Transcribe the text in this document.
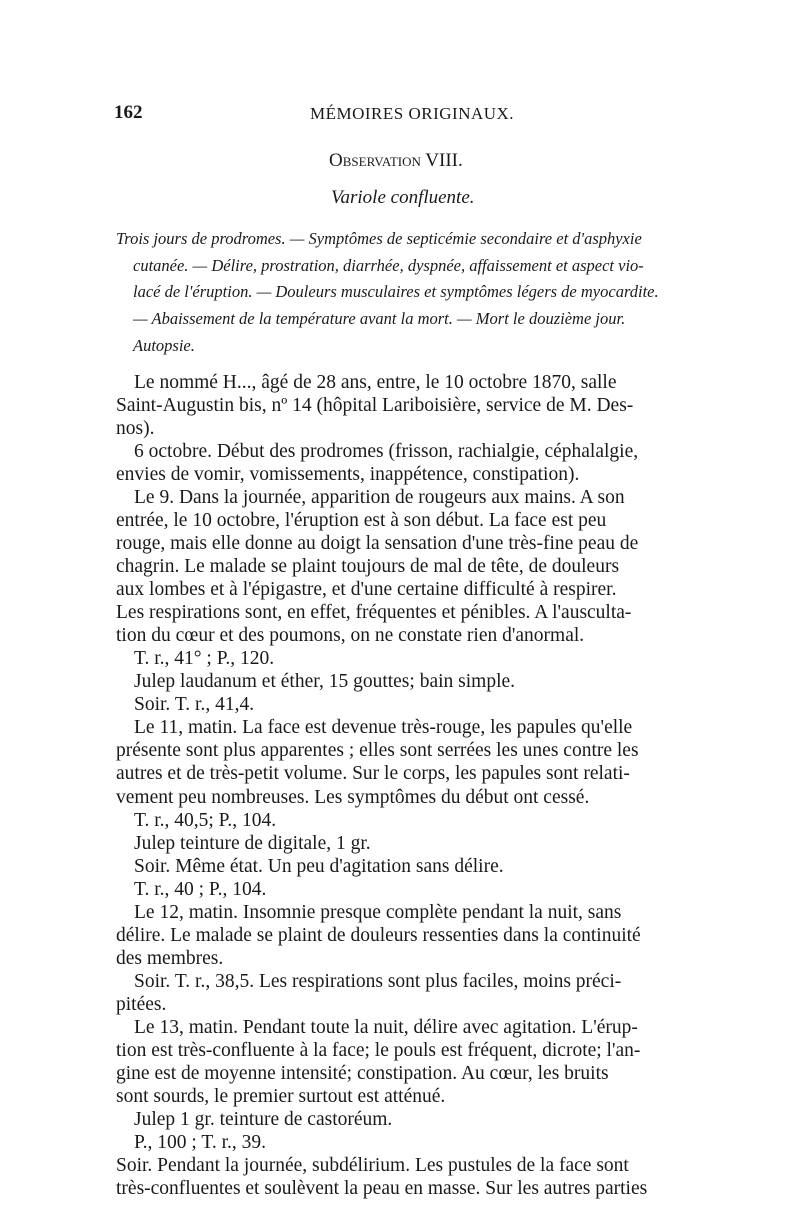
162	MÉMOIRES ORIGINAUX.
Observation VIII.
Variole confluente.
Trois jours de prodromes. — Symptômes de septicémie secondaire et d'asphyxie
cutanée. — Délire, prostration, diarrhée, dyspnée, affaissement et aspect vio-
lacé de l'éruption. — Douleurs musculaires et symptômes légers de myocardite.
— Abaissement de la température avant la mort. — Mort le douzième jour.
Autopsie.
Le nommé H..., âgé de 28 ans, entre, le 10 octobre 1870, salle
Saint-Augustin bis, nº 14 (hôpital Lariboisière, service de M. Des-
nos).
6 octobre. Début des prodromes (frisson, rachialgie, céphalalgie,
envies de vomir, vomissements, inappétence, constipation).
Le 9. Dans la journée, apparition de rougeurs aux mains. A son
entrée, le 10 octobre, l'éruption est à son début. La face est peu
rouge, mais elle donne au doigt la sensation d'une très-fine peau de
chagrin. Le malade se plaint toujours de mal de tête, de douleurs
aux lombes et à l'épigastre, et d'une certaine difficulté à respirer.
Les respirations sont, en effet, fréquentes et pénibles. A l'ausculta-
tion du cœur et des poumons, on ne constate rien d'anormal.
T. r., 41° ; P., 120.
Julep laudanum et éther, 15 gouttes; bain simple.
Soir. T. r., 41,4.
Le 11, matin. La face est devenue très-rouge, les papules qu'elle
présente sont plus apparentes ; elles sont serrées les unes contre les
autres et de très-petit volume. Sur le corps, les papules sont relati-
vement peu nombreuses. Les symptômes du début ont cessé.
T. r., 40,5; P., 104.
Julep teinture de digitale, 1 gr.
Soir. Même état. Un peu d'agitation sans délire.
T. r., 40 ; P., 104.
Le 12, matin. Insomnie presque complète pendant la nuit, sans
délire. Le malade se plaint de douleurs ressenties dans la continuité
des membres.
Soir. T. r., 38,5. Les respirations sont plus faciles, moins préci-
pitées.
Le 13, matin. Pendant toute la nuit, délire avec agitation. L'érup-
tion est très-confluente à la face; le pouls est fréquent, dicrote; l'an-
gine est de moyenne intensité; constipation. Au cœur, les bruits
sont sourds, le premier surtout est atténué.
Julep 1 gr. teinture de castoréum.
P., 100 ; T. r., 39.
Soir. Pendant la journée, subdélirium. Les pustules de la face sont
très-confluentes et soulèvent la peau en masse. Sur les autres parties
